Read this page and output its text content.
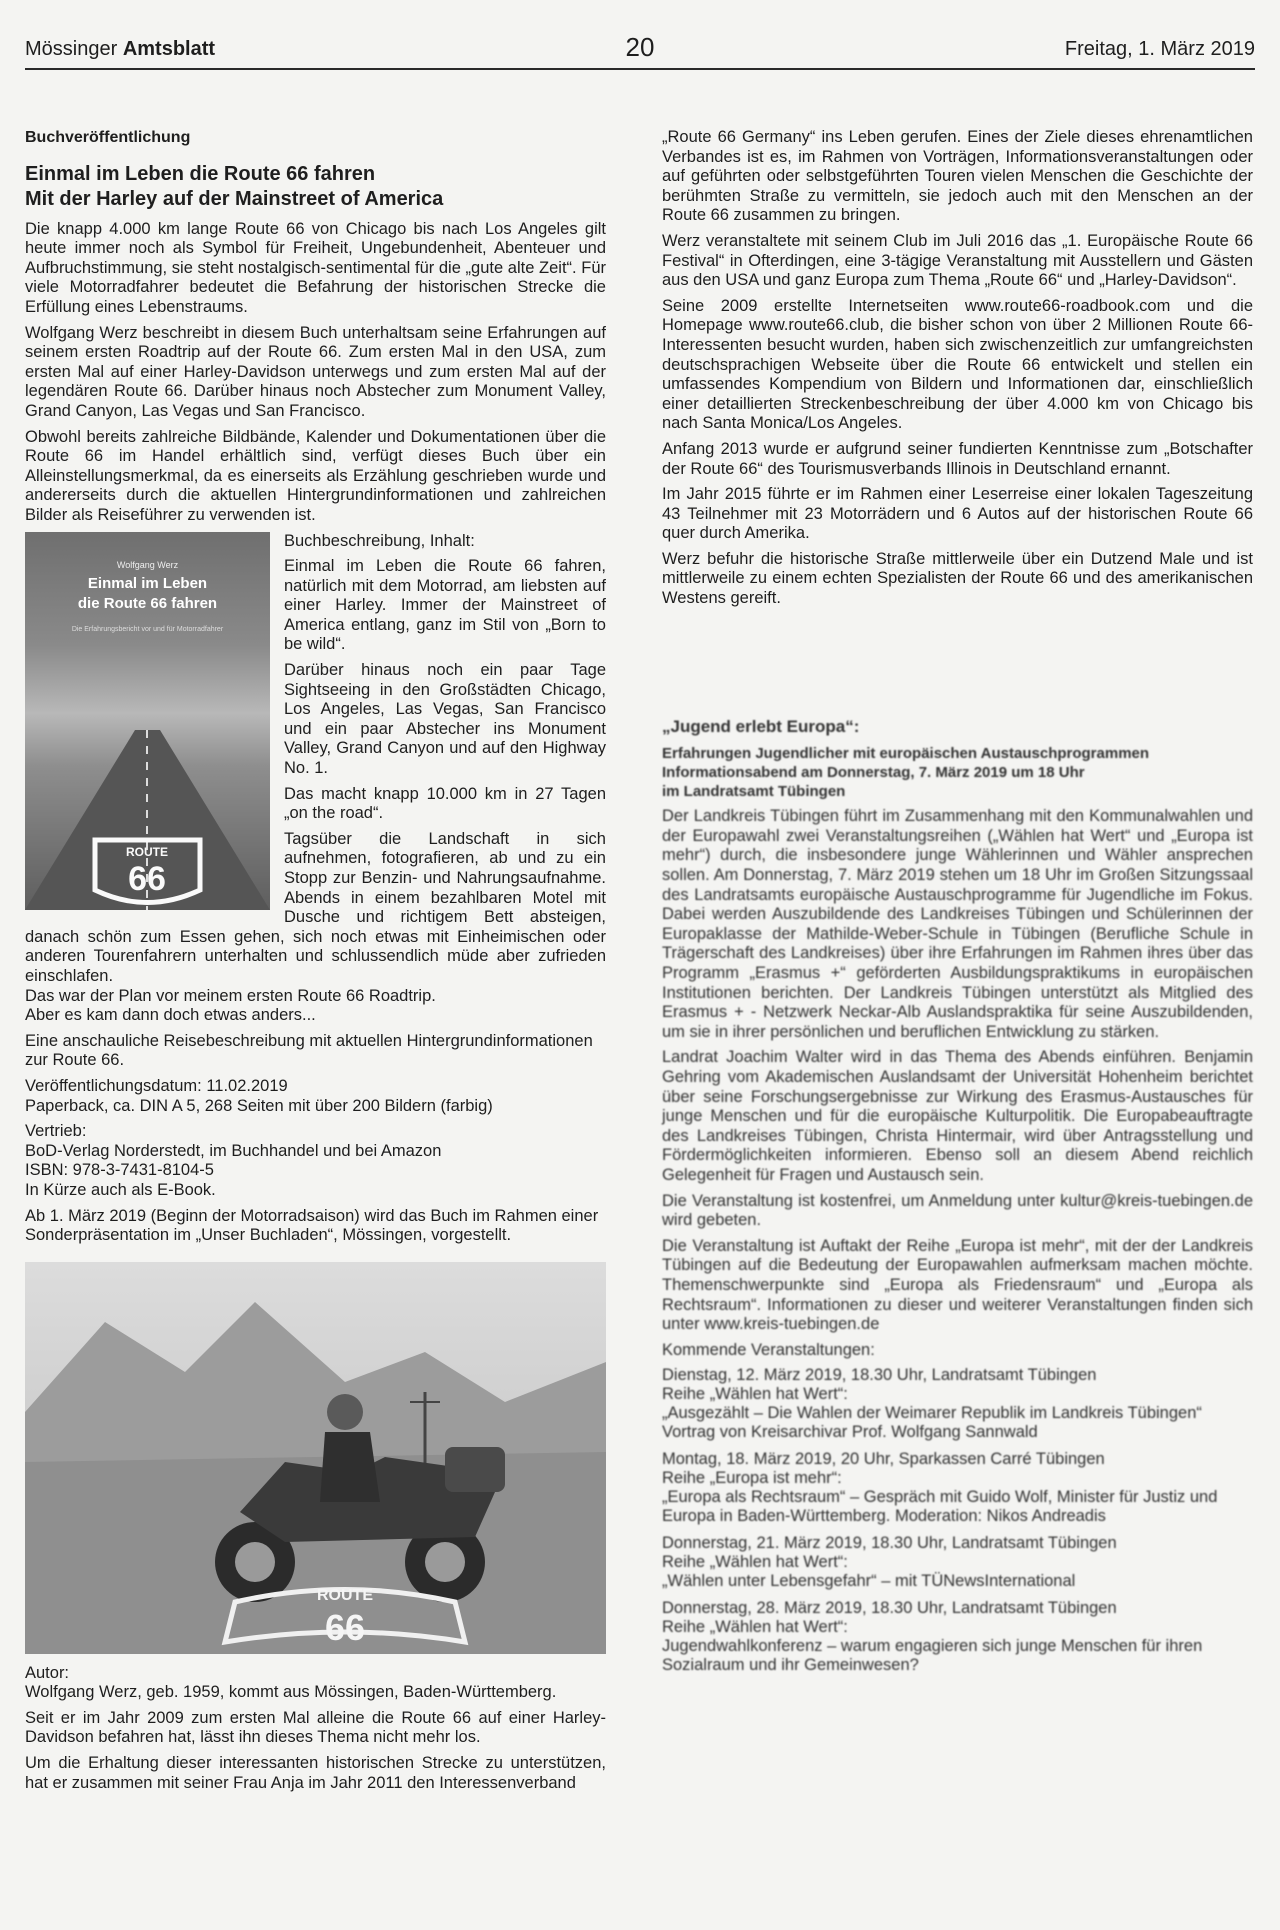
Mössinger Amtsblatt	20	Freitag, 1. März 2019
Buchveröffentlichung
Einmal im Leben die Route 66 fahren
Mit der Harley auf der Mainstreet of America

Die knapp 4.000 km lange Route 66 von Chicago bis nach Los Angeles gilt heute immer noch als Symbol für Freiheit, Ungebundenheit, Abenteuer und Aufbruchstimmung, sie steht nostalgisch-sentimental für die „gute alte Zeit“. Für viele Motorradfahrer bedeutet die Befahrung der historischen Strecke die Erfüllung eines Lebenstraums.

Wolfgang Werz beschreibt in diesem Buch unterhaltsam seine Erfahrungen auf seinem ersten Roadtrip auf der Route 66. Zum ersten Mal in den USA, zum ersten Mal auf einer Harley-Davidson unterwegs und zum ersten Mal auf der legendären Route 66. Darüber hinaus noch Abstecher zum Monument Valley, Grand Canyon, Las Vegas und San Francisco.

Obwohl bereits zahlreiche Bildbände, Kalender und Dokumentationen über die Route 66 im Handel erhältlich sind, verfügt dieses Buch über ein Alleinstellungsmerkmal, da es einerseits als Erzählung geschrieben wurde und andererseits durch die aktuellen Hintergrundinformationen und zahlreichen Bilder als Reiseführer zu verwenden ist.

Wolfgang Werz
Einmal im Leben
die Route 66 fahren
Die Erfahrungsbericht vor und für Motorradfahrer
ROUTE
66

Buchbeschreibung, Inhalt:

Einmal im Leben die Route 66 fahren, natürlich mit dem Motorrad, am liebsten auf einer Harley. Immer der Mainstreet of America entlang, ganz im Stil von „Born to be wild“.

Darüber hinaus noch ein paar Tage Sightseeing in den Großstädten Chicago, Los Angeles, Las Vegas, San Francisco und ein paar Abstecher ins Monument Valley, Grand Canyon und auf den Highway No. 1.

Das macht knapp 10.000 km in 27 Tagen „on the road“.

Tagsüber die Landschaft in sich aufnehmen, fotografieren, ab und zu ein Stopp zur Benzin- und Nahrungsaufnahme. Abends in einem bezahlbaren Motel mit Dusche und richtigem Bett absteigen, danach schön zum Essen gehen, sich noch etwas mit Einheimischen oder anderen Tourenfahrern unterhalten und schlussendlich müde aber zufrieden einschlafen.

Das war der Plan vor meinem ersten Route 66 Roadtrip.

Aber es kam dann doch etwas anders...

Eine anschauliche Reisebeschreibung mit aktuellen Hintergrundinformationen zur Route 66.

Veröffentlichungsdatum: 11.02.2019

Paperback, ca. DIN A 5, 268 Seiten mit über 200 Bildern (farbig)

Vertrieb:
BoD-Verlag Norderstedt, im Buchhandel und bei Amazon
ISBN: 978-3-7431-8104-5

In Kürze auch als E-Book.

Ab 1. März 2019 (Beginn der Motorradsaison) wird das Buch im Rahmen einer Sonderpräsentation im „Unser Buchladen“, Mössingen, vorgestellt.

ROUTE
66
Autor:

Wolfgang Werz, geb. 1959, kommt aus Mössingen, Baden-Württemberg.

Seit er im Jahr 2009 zum ersten Mal alleine die Route 66 auf einer Harley-Davidson befahren hat, lässt ihn dieses Thema nicht mehr los.

Um die Erhaltung dieser interessanten historischen Strecke zu unterstützen, hat er zusammen mit seiner Frau Anja im Jahr 2011 den Interessenverband

„Route 66 Germany“ ins Leben gerufen. Eines der Ziele dieses ehrenamtlichen Verbandes ist es, im Rahmen von Vorträgen, Informationsveranstaltungen oder auf geführten oder selbstgeführten Touren vielen Menschen die Geschichte der berühmten Straße zu vermitteln, sie jedoch auch mit den Menschen an der Route 66 zusammen zu bringen.

Werz veranstaltete mit seinem Club im Juli 2016 das „1. Europäische Route 66 Festival“ in Ofterdingen, eine 3-tägige Veranstaltung mit Ausstellern und Gästen aus den USA und ganz Europa zum Thema „Route 66“ und „Harley-Davidson“.

Seine 2009 erstellte Internetseiten www.route66-roadbook.com und die Homepage www.route66.club, die bisher schon von über 2 Millionen Route 66-Interessenten besucht wurden, haben sich zwischenzeitlich zur umfangreichsten deutschsprachigen Webseite über die Route 66 entwickelt und stellen ein umfassendes Kompendium von Bildern und Informationen dar, einschließlich einer detaillierten Streckenbeschreibung der über 4.000 km von Chicago bis nach Santa Monica/Los Angeles.

Anfang 2013 wurde er aufgrund seiner fundierten Kenntnisse zum „Botschafter der Route 66“ des Tourismusverbands Illinois in Deutschland ernannt.

Im Jahr 2015 führte er im Rahmen einer Leserreise einer lokalen Tageszeitung 43 Teilnehmer mit 23 Motorrädern und 6 Autos auf der historischen Route 66 quer durch Amerika.

Werz befuhr die historische Straße mittlerweile über ein Dutzend Male und ist mittlerweile zu einem echten Spezialisten der Route 66 und des amerikanischen Westens gereift.

„Jugend erlebt Europa“:
Erfahrungen Jugendlicher mit europäischen Austauschprogrammen
Informationsabend am Donnerstag, 7. März 2019 um 18 Uhr
im Landratsamt Tübingen

Der Landkreis Tübingen führt im Zusammenhang mit den Kommunalwahlen und der Europawahl zwei Veranstaltungsreihen („Wählen hat Wert“ und „Europa ist mehr“) durch, die insbesondere junge Wählerinnen und Wähler ansprechen sollen. Am Donnerstag, 7. März 2019 stehen um 18 Uhr im Großen Sitzungssaal des Landratsamts europäische Austauschprogramme für Jugendliche im Fokus. Dabei werden Auszubildende des Landkreises Tübingen und Schülerinnen der Europaklasse der Mathilde-Weber-Schule in Tübingen (Berufliche Schule in Trägerschaft des Landkreises) über ihre Erfahrungen im Rahmen ihres über das Programm „Erasmus +“ geförderten Ausbildungspraktikums in europäischen Institutionen berichten. Der Landkreis Tübingen unterstützt als Mitglied des Erasmus + - Netzwerk Neckar-Alb Auslandspraktika für seine Auszubildenden, um sie in ihrer persönlichen und beruflichen Entwicklung zu stärken.

Landrat Joachim Walter wird in das Thema des Abends einführen. Benjamin Gehring vom Akademischen Auslandsamt der Universität Hohenheim berichtet über seine Forschungsergebnisse zur Wirkung des Erasmus-Austausches für junge Menschen und für die europäische Kulturpolitik. Die Europabeauftragte des Landkreises Tübingen, Christa Hintermair, wird über Antragsstellung und Fördermöglichkeiten informieren. Ebenso soll an diesem Abend reichlich Gelegenheit für Fragen und Austausch sein.

Die Veranstaltung ist kostenfrei, um Anmeldung unter kultur@kreis-tuebingen.de wird gebeten.

Die Veranstaltung ist Auftakt der Reihe „Europa ist mehr“, mit der der Landkreis Tübingen auf die Bedeutung der Europawahlen aufmerksam machen möchte. Themenschwerpunkte sind „Europa als Friedensraum“ und „Europa als Rechtsraum“. Informationen zu dieser und weiterer Veranstaltungen finden sich unter www.kreis-tuebingen.de

Kommende Veranstaltungen:

Dienstag, 12. März 2019, 18.30 Uhr, Landratsamt Tübingen
Reihe „Wählen hat Wert“:
„Ausgezählt – Die Wahlen der Weimarer Republik im Landkreis Tübingen“
Vortrag von Kreisarchivar Prof. Wolfgang Sannwald
Montag, 18. März 2019, 20 Uhr, Sparkassen Carré Tübingen
Reihe „Europa ist mehr“:
„Europa als Rechtsraum“ – Gespräch mit Guido Wolf, Minister für Justiz und Europa in Baden-Württemberg. Moderation: Nikos Andreadis
Donnerstag, 21. März 2019, 18.30 Uhr, Landratsamt Tübingen
Reihe „Wählen hat Wert“:
„Wählen unter Lebensgefahr“ – mit TÜNewsInternational
Donnerstag, 28. März 2019, 18.30 Uhr, Landratsamt Tübingen
Reihe „Wählen hat Wert“:
Jugendwahlkonferenz – warum engagieren sich junge Menschen für ihren Sozialraum und ihr Gemeinwesen?
